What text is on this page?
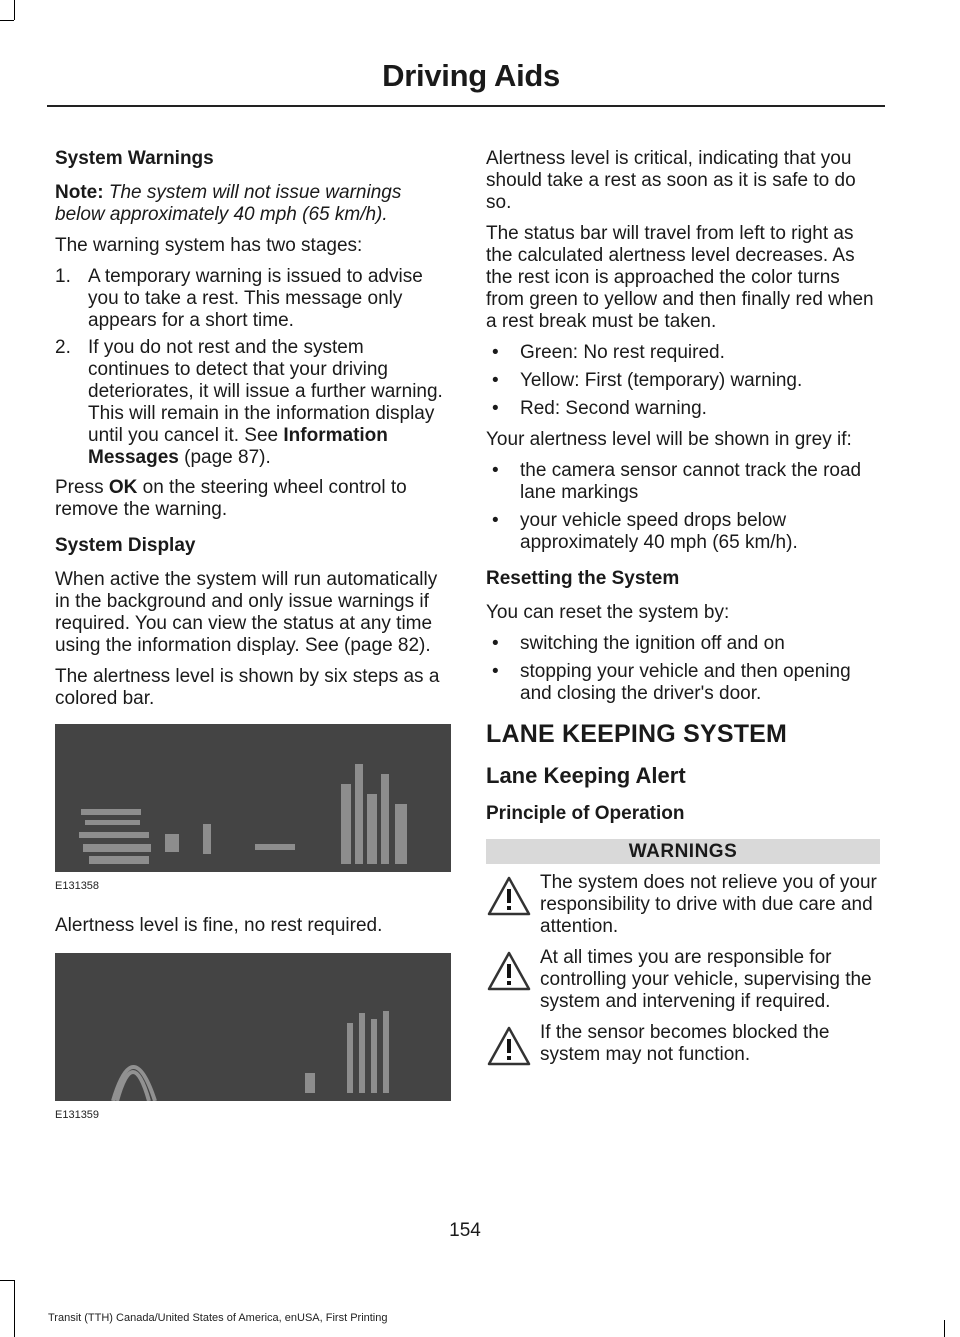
Driving Aids

System Warnings

Note: The system will not issue warnings below approximately 40 mph (65 km/h).

The warning system has two stages:

1. A temporary warning is issued to advise you to take a rest. This message only appears for a short time.
2. If you do not rest and the system continues to detect that your driving deteriorates, it will issue a further warning. This will remain in the information display until you cancel it. See Information Messages (page 87).

Press OK on the steering wheel control to remove the warning.

System Display

When active the system will run automatically in the background and only issue warnings if required. You can view the status at any time using the information display. See (page 82).

The alertness level is shown by six steps as a colored bar.

E131358

Alertness level is fine, no rest required.

E131359

Alertness level is critical, indicating that you should take a rest as soon as it is safe to do so.

The status bar will travel from left to right as the calculated alertness level decreases. As the rest icon is approached the color turns from green to yellow and then finally red when a rest break must be taken.

• Green: No rest required.
• Yellow: First (temporary) warning.
• Red: Second warning.

Your alertness level will be shown in grey if:

• the camera sensor cannot track the road lane markings
• your vehicle speed drops below approximately 40 mph (65 km/h).

Resetting the System

You can reset the system by:

• switching the ignition off and on
• stopping your vehicle and then opening and closing the driver's door.

LANE KEEPING SYSTEM

Lane Keeping Alert

Principle of Operation

WARNINGS
The system does not relieve you of your responsibility to drive with due care and attention.
At all times you are responsible for controlling your vehicle, supervising the system and intervening if required.
If the sensor becomes blocked the system may not function.
154
Transit (TTH) Canada/United States of America, enUSA, First Printing
